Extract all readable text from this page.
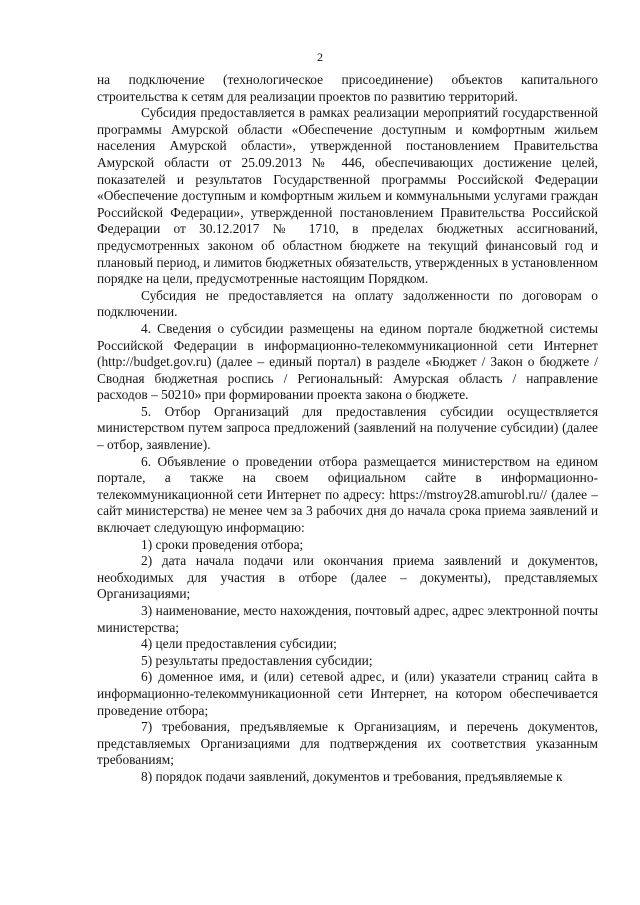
2

на подключение (технологическое присоединение) объектов капитального строительства к сетям для реализации проектов по развитию территорий.

Субсидия предоставляется в рамках реализации мероприятий государственной программы Амурской области «Обеспечение доступным и комфортным жильем населения Амурской области», утвержденной постановлением Правительства Амурской области от 25.09.2013 № 446, обеспечивающих достижение целей, показателей и результатов Государственной программы Российской Федерации «Обеспечение доступным и комфортным жильем и коммунальными услугами граждан Российской Федерации», утвержденной постановлением Правительства Российской Федерации от 30.12.2017 № 1710, в пределах бюджетных ассигнований, предусмотренных законом об областном бюджете на текущий финансовый год и плановый период, и лимитов бюджетных обязательств, утвержденных в установленном порядке на цели, предусмотренные настоящим Порядком.

Субсидия не предоставляется на оплату задолженности по договорам о подключении.

4. Сведения о субсидии размещены на едином портале бюджетной системы Российской Федерации в информационно-телекоммуникационной сети Интернет (http://budget.gov.ru) (далее – единый портал) в разделе «Бюджет / Закон о бюджете / Сводная бюджетная роспись / Региональный: Амурская область / направление расходов – 50210» при формировании проекта закона о бюджете.

5. Отбор Организаций для предоставления субсидии осуществляется министерством путем запроса предложений (заявлений на получение субсидии) (далее – отбор, заявление).

6. Объявление о проведении отбора размещается министерством на едином портале, а также на своем официальном сайте в информационно-телекоммуникационной сети Интернет по адресу: https://mstroy28.amurobl.ru// (далее – сайт министерства) не менее чем за 3 рабочих дня до начала срока приема заявлений и включает следующую информацию:

1) сроки проведения отбора;

2) дата начала подачи или окончания приема заявлений и документов, необходимых для участия в отборе (далее – документы), представляемых Организациями;

3) наименование, место нахождения, почтовый адрес, адрес электронной почты министерства;

4) цели предоставления субсидии;

5) результаты предоставления субсидии;

6) доменное имя, и (или) сетевой адрес, и (или) указатели страниц сайта в информационно-телекоммуникационной сети Интернет, на котором обеспечивается проведение отбора;

7) требования, предъявляемые к Организациям, и перечень документов, представляемых Организациями для подтверждения их соответствия указанным требованиям;

8) порядок подачи заявлений, документов и требования, предъявляемые к
